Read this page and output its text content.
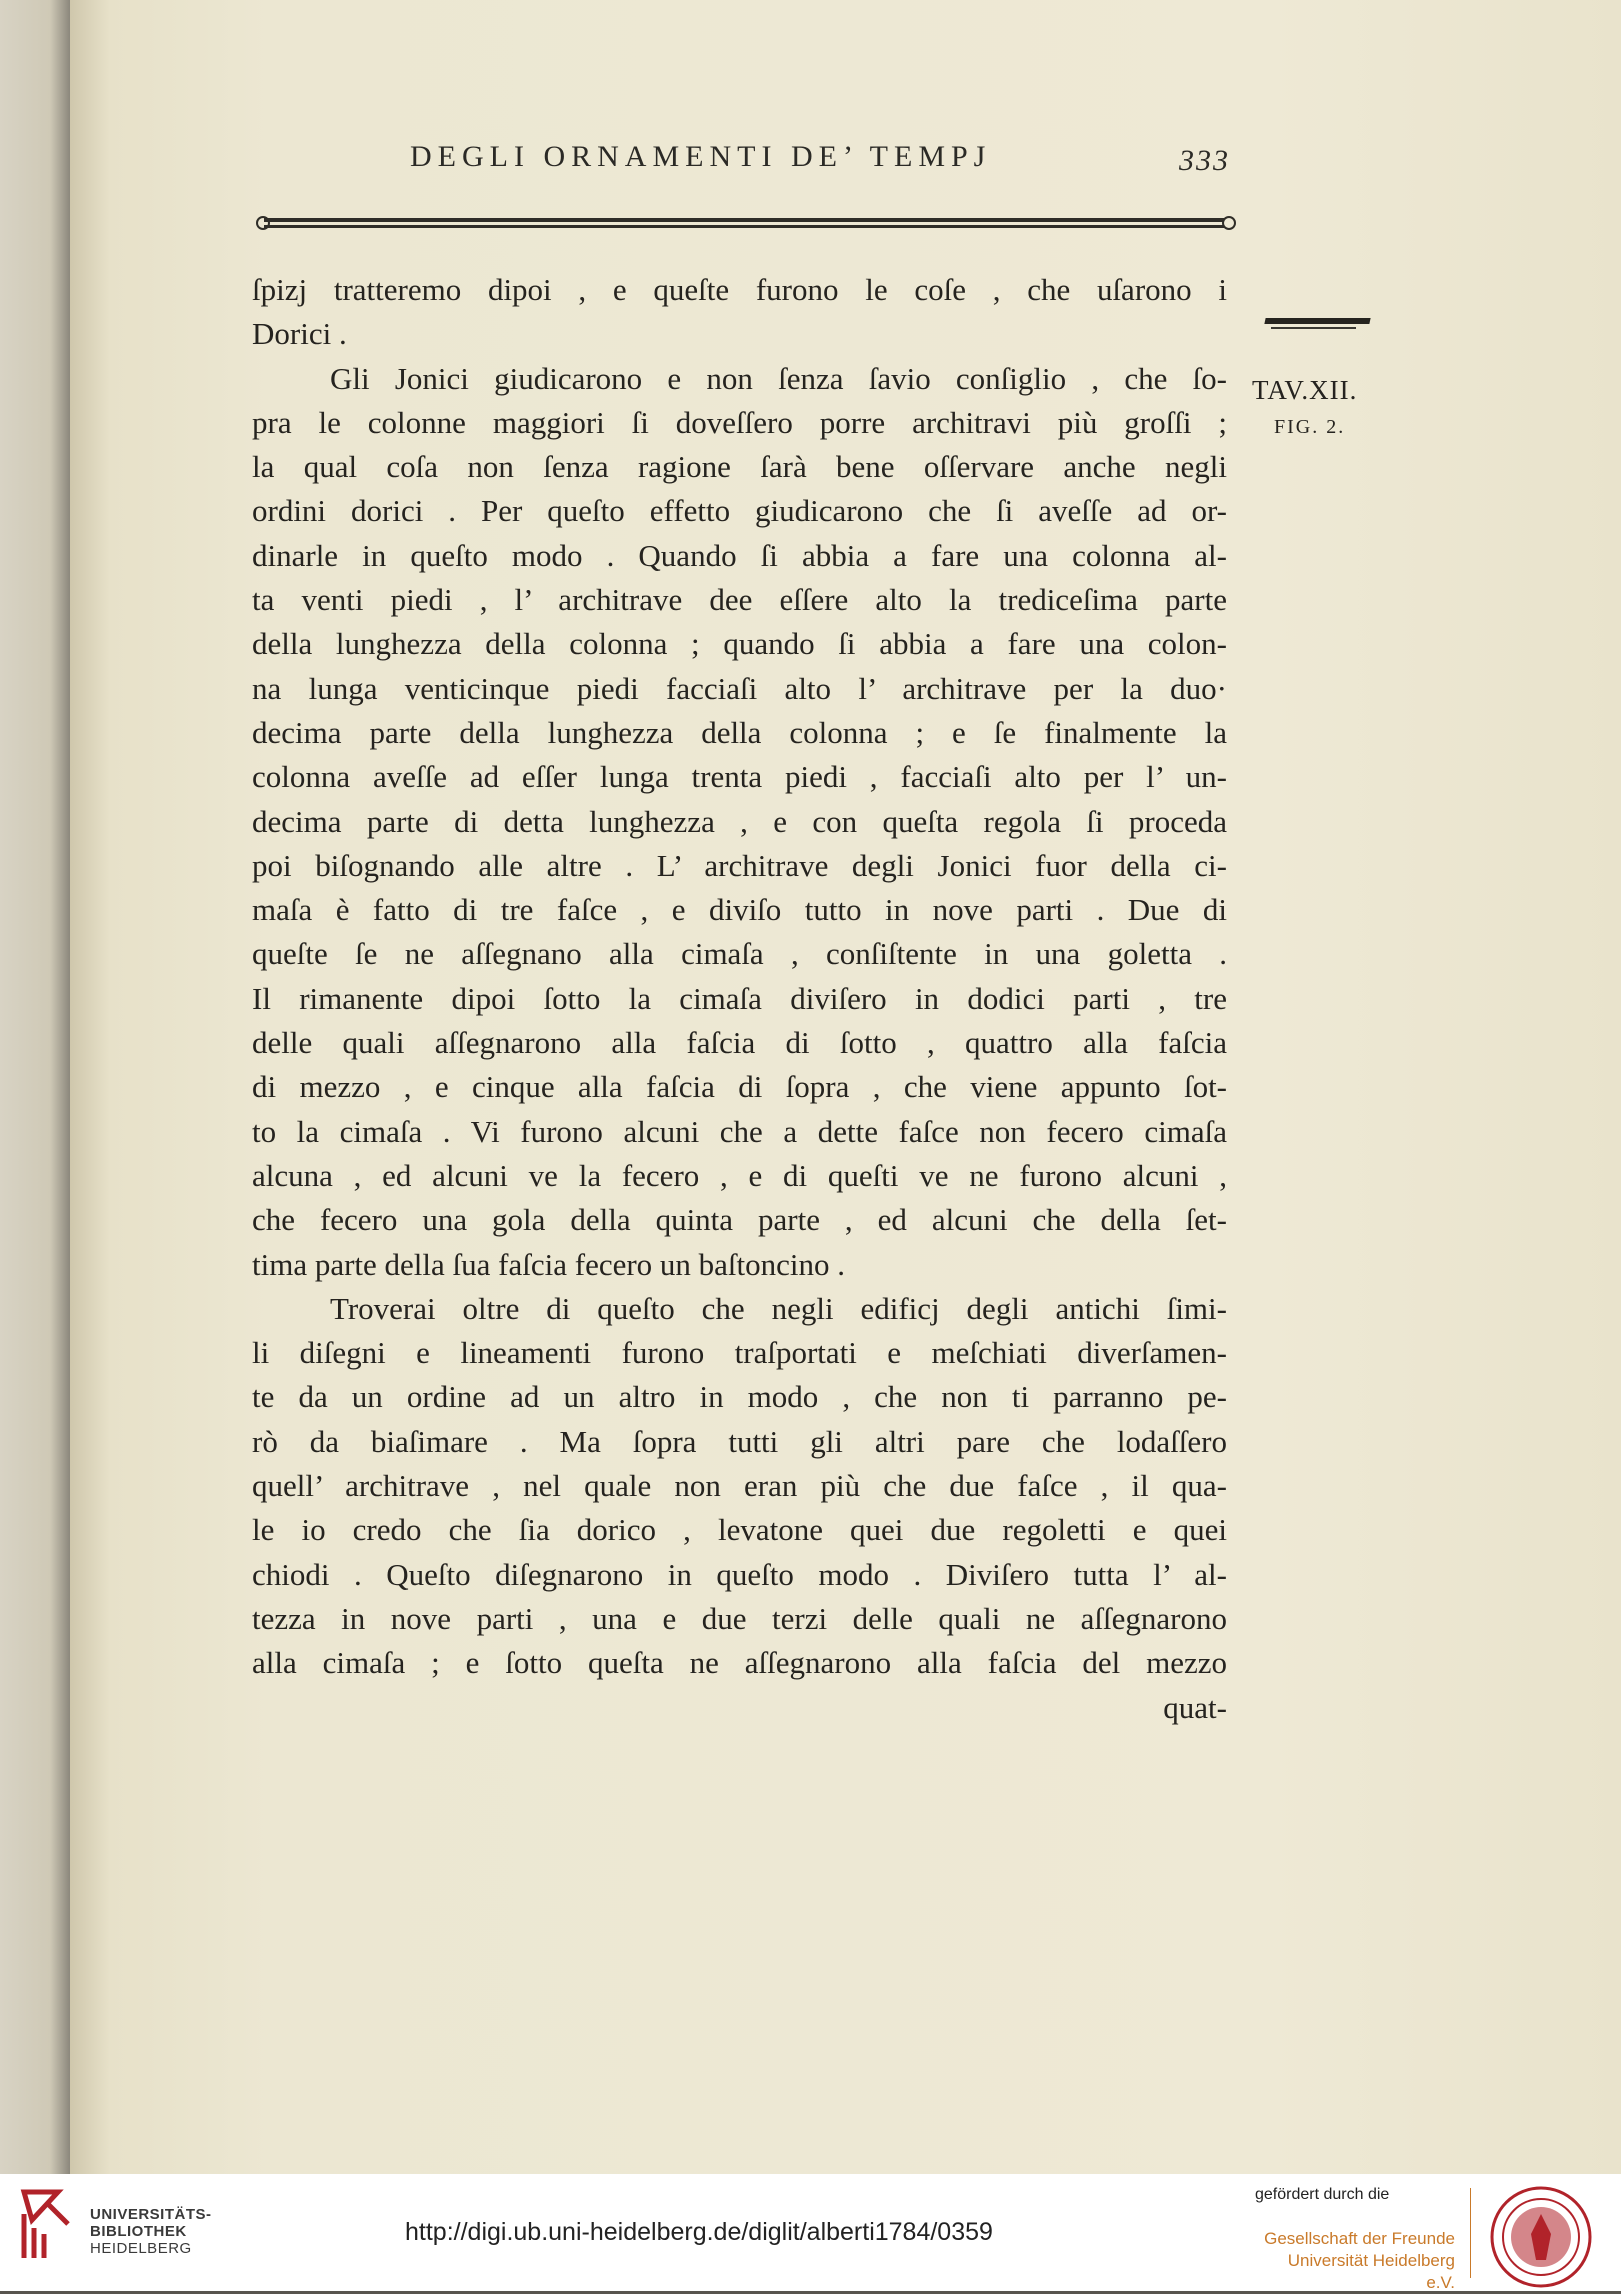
DEGLI ORNAMENTI DE’ TEMPJ	333
TAV.XII.
FIG. 2.
ſpizj tratteremo dipoi , e queſte furono le coſe , che uſarono i
Dorici .
Gli Jonici giudicarono e non ſenza ſavio conſiglio , che ſo-
pra le colonne maggiori ſi doveſſero porre architravi più groſſi ;
la qual coſa non ſenza ragione ſarà bene oſſervare anche negli
ordini dorici . Per queſto effetto giudicarono che ſi aveſſe ad or-
dinarle in queſto modo . Quando ſi abbia a fare una colonna al-
ta venti piedi , l’ architrave dee eſſere alto la trediceſima parte
della lunghezza della colonna ; quando ſi abbia a fare una colon-
na lunga venticinque piedi facciaſi alto l’ architrave per la duo·
decima parte della lunghezza della colonna ; e ſe finalmente la
colonna aveſſe ad eſſer lunga trenta piedi , facciaſi alto per l’ un-
decima parte di detta lunghezza , e con queſta regola ſi proceda
poi biſognando alle altre . L’ architrave degli Jonici fuor della ci-
maſa è fatto di tre faſce , e diviſo tutto in nove parti . Due di
queſte ſe ne aſſegnano alla cimaſa , conſiſtente in una goletta .
Il rimanente dipoi ſotto la cimaſa diviſero in dodici parti , tre
delle quali aſſegnarono alla faſcia di ſotto , quattro alla faſcia
di mezzo , e cinque alla faſcia di ſopra , che viene appunto ſot-
to la cimaſa . Vi furono alcuni che a dette faſce non fecero cimaſa
alcuna , ed alcuni ve la fecero , e di queſti ve ne furono alcuni ,
che fecero una gola della quinta parte , ed alcuni che della ſet-
tima parte della ſua faſcia fecero un baſtoncino .
Troverai oltre di queſto che negli edificj degli antichi ſimi-
li diſegni e lineamenti furono traſportati e meſchiati diverſamen-
te da un ordine ad un altro in modo , che non ti parranno pe-
rò da biaſimare . Ma ſopra tutti gli altri pare che lodaſſero
quell’ architrave , nel quale non eran più che due faſce , il qua-
le io credo che ſia dorico , levatone quei due regoletti e quei
chiodi . Queſto diſegnarono in queſto modo . Diviſero tutta l’ al-
tezza in nove parti , una e due terzi delle quali ne aſſegnarono
alla cimaſa ; e ſotto queſta ne aſſegnarono alla faſcia del mezzo
quat-
UNIVERSITÄTS-
BIBLIOTHEK
HEIDELBERG
http://digi.ub.uni-heidelberg.de/diglit/alberti1784/0359
gefördert durch die
Gesellschaft der Freunde
Universität Heidelberg e.V.
